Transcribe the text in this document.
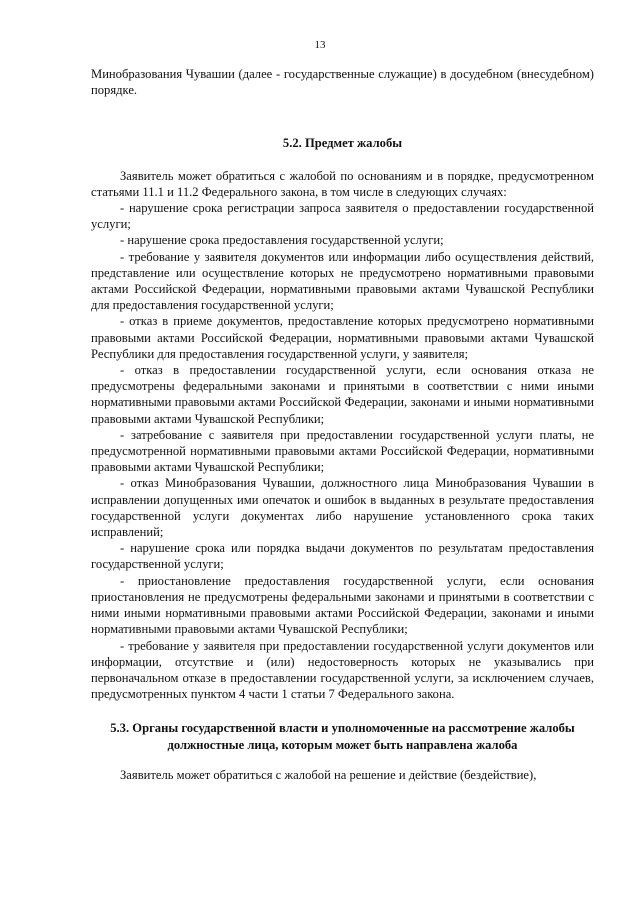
13

Минобразования Чувашии (далее - государственные служащие) в досудебном (внесудебном) порядке.

5.2. Предмет жалобы

Заявитель может обратиться с жалобой по основаниям и в порядке, предусмотренном статьями 11.1 и 11.2 Федерального закона, в том числе в следующих случаях:

- нарушение срока регистрации запроса заявителя о предоставлении государственной услуги;

- нарушение срока предоставления государственной услуги;

- требование у заявителя документов или информации либо осуществления действий, представление или осуществление которых не предусмотрено нормативными правовыми актами Российской Федерации, нормативными правовыми актами Чувашской Республики для предоставления государственной услуги;

- отказ в приеме документов, предоставление которых предусмотрено нормативными правовыми актами Российской Федерации, нормативными правовыми актами Чувашской Республики для предоставления государственной услуги, у заявителя;

- отказ в предоставлении государственной услуги, если основания отказа не предусмотрены федеральными законами и принятыми в соответствии с ними иными нормативными правовыми актами Российской Федерации, законами и иными нормативными правовыми актами Чувашской Республики;

- затребование с заявителя при предоставлении государственной услуги платы, не предусмотренной нормативными правовыми актами Российской Федерации, нормативными правовыми актами Чувашской Республики;

- отказ Минобразования Чувашии, должностного лица Минобразования Чувашии в исправлении допущенных ими опечаток и ошибок в выданных в результате предоставления государственной услуги документах либо нарушение установленного срока таких исправлений;

- нарушение срока или порядка выдачи документов по результатам предоставления государственной услуги;

- приостановление предоставления государственной услуги, если основания приостановления не предусмотрены федеральными законами и принятыми в соответствии с ними иными нормативными правовыми актами Российской Федерации, законами и иными нормативными правовыми актами Чувашской Республики;

- требование у заявителя при предоставлении государственной услуги документов или информации, отсутствие и (или) недостоверность которых не указывались при первоначальном отказе в предоставлении государственной услуги, за исключением случаев, предусмотренных пунктом 4 части 1 статьи 7 Федерального закона.

5.3. Органы государственной власти и уполномоченные на рассмотрение жалобы должностные лица, которым может быть направлена жалоба

Заявитель может обратиться с жалобой на решение и действие (бездействие),
